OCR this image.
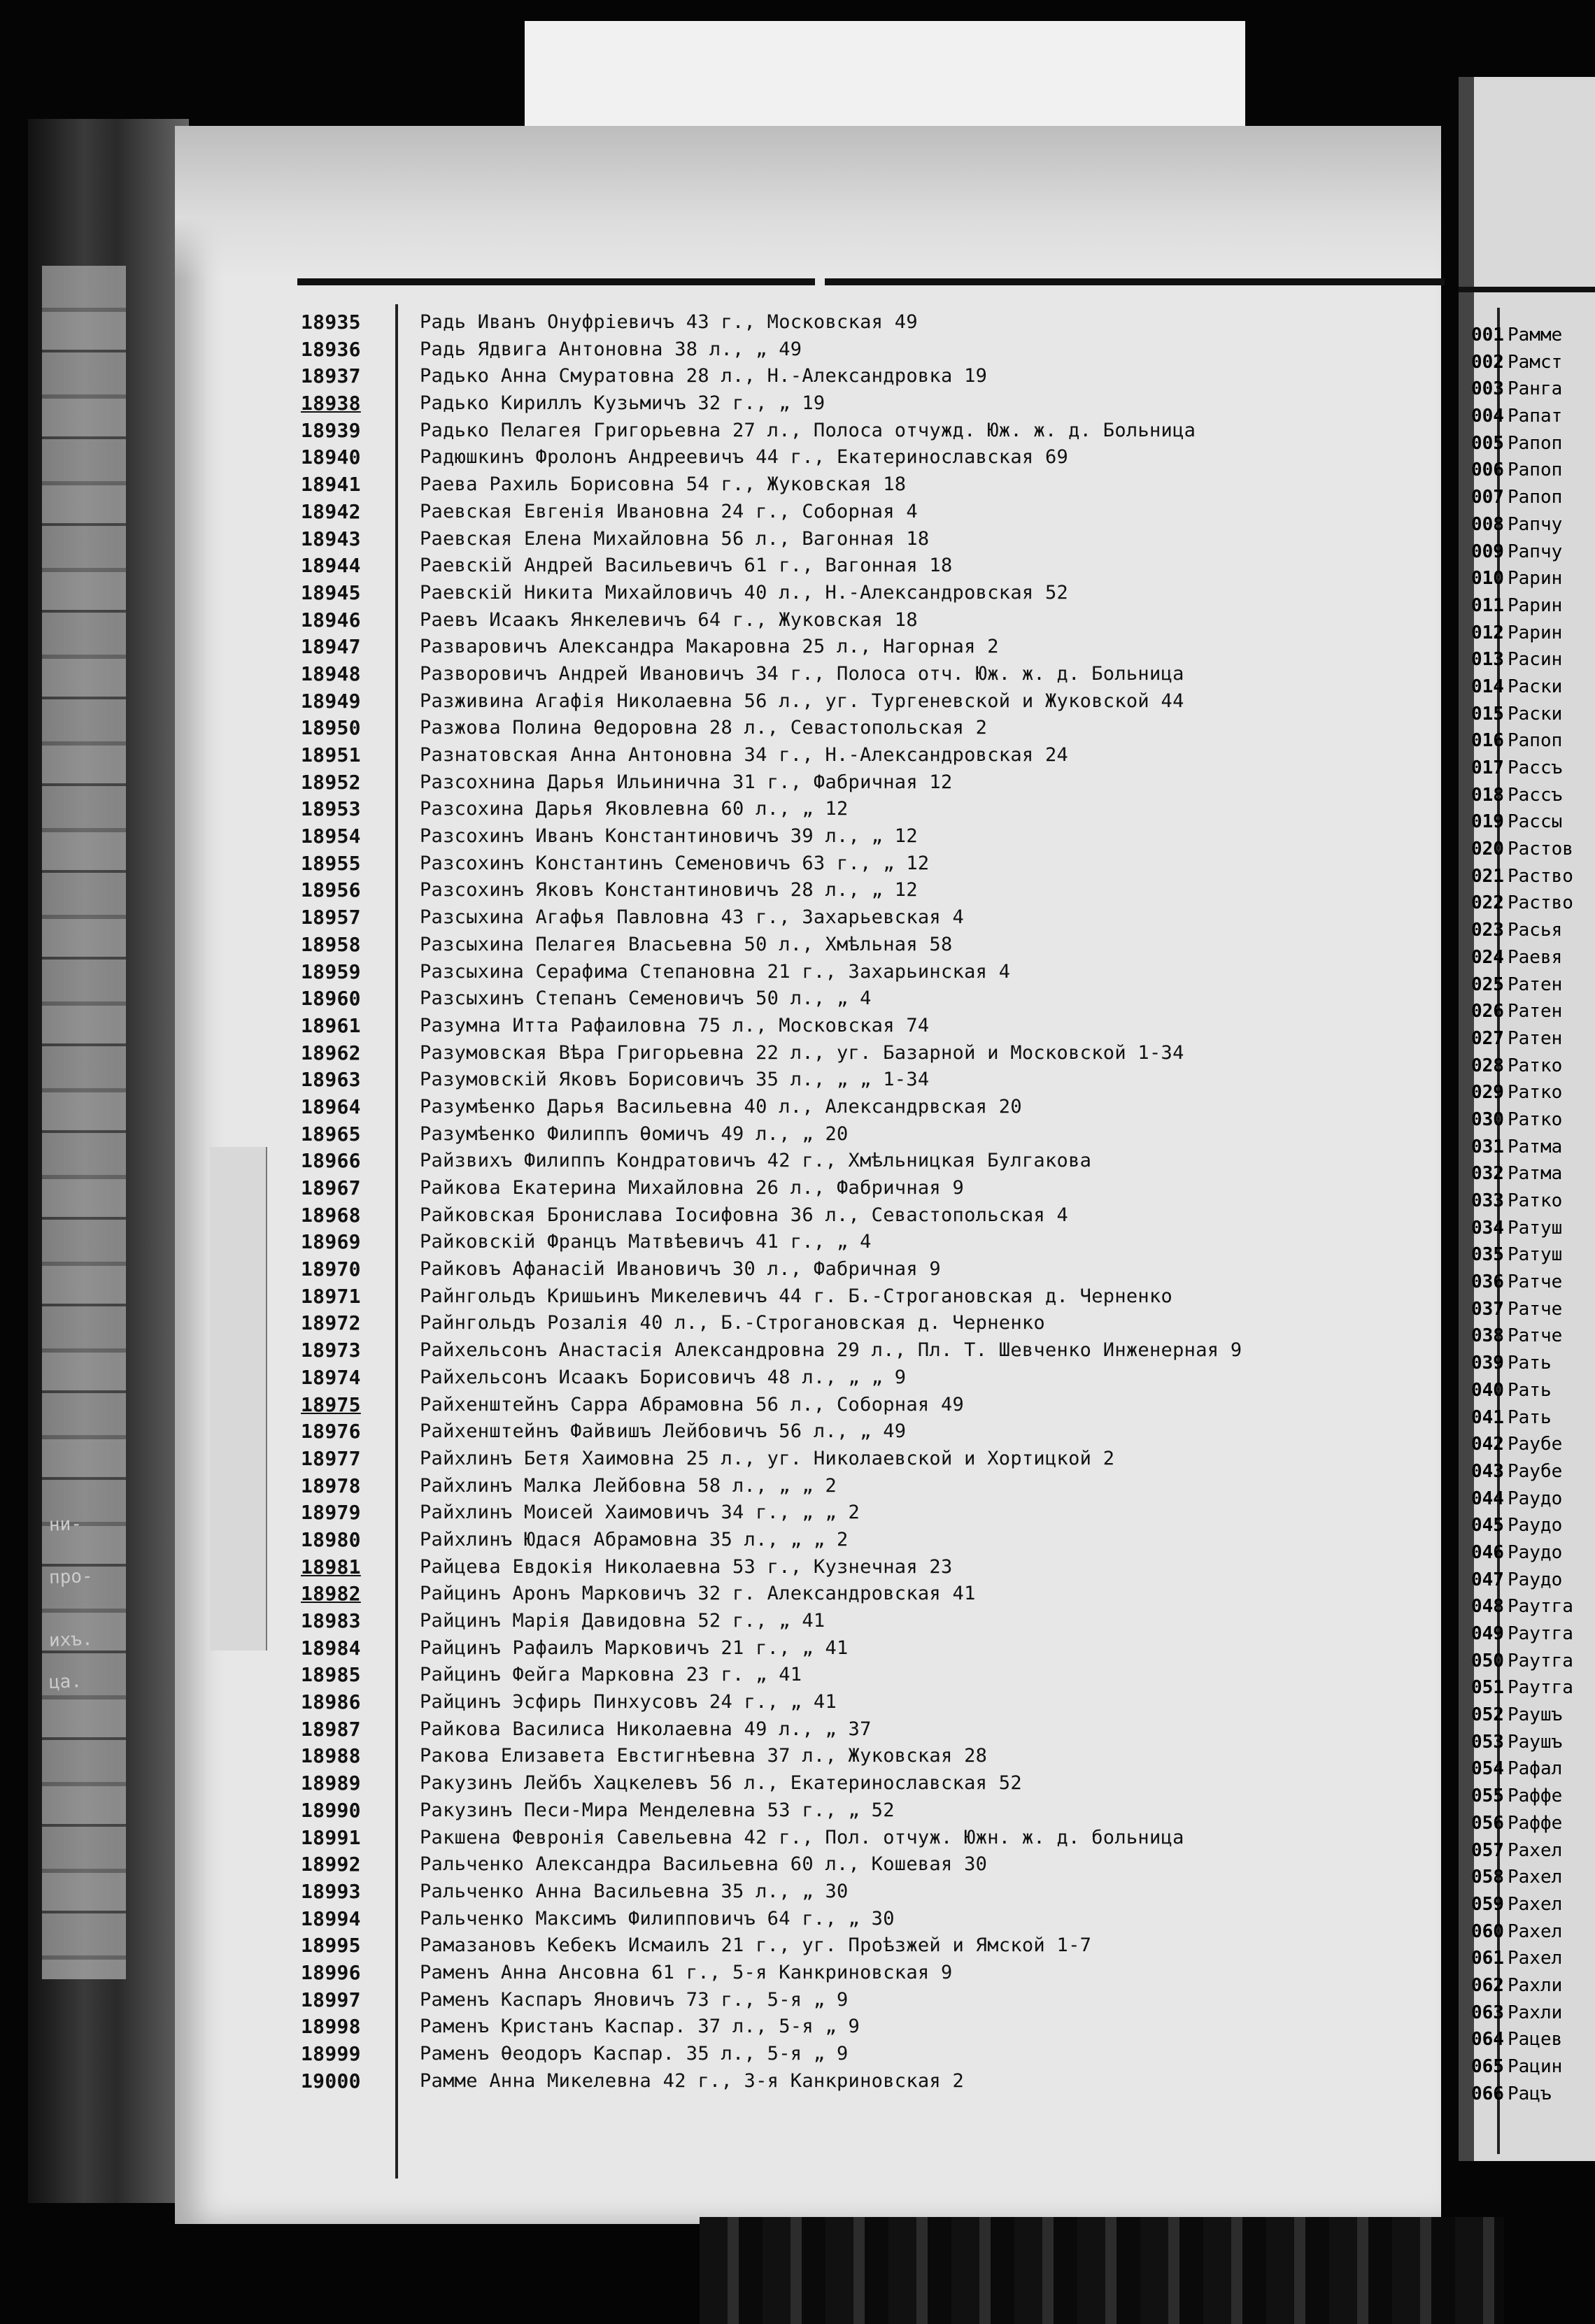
ни-
про-
ихъ.
ца.
18935	Радь Иванъ Онуфріевичъ 43 г., Московская 49
18936	Радь Ядвига Антоновна 38 л., „ 49
18937	Радько Анна Смуратовна 28 л., Н.-Александровка 19
18938	Радько Кириллъ Кузьмичъ 32 г., „ 19
18939	Радько Пелагея Григорьевна 27 л., Полоса отчужд. Юж. ж. д. Больница
18940	Радюшкинъ Фролонъ Андреевичъ 44 г., Екатеринославская 69
18941	Раева Рахиль Борисовна 54 г., Жуковская 18
18942	Раевская Евгенія Ивановна 24 г., Соборная 4
18943	Раевская Елена Михайловна 56 л., Вагонная 18
18944	Раевскій Андрей Васильевичъ 61 г., Вагонная 18
18945	Раевскій Никита Михайловичъ 40 л., Н.-Александровская 52
18946	Раевъ Исаакъ Янкелевичъ 64 г., Жуковская 18
18947	Разваровичъ Александра Макаровна 25 л., Нагорная 2
18948	Разворовичъ Андрей Ивановичъ 34 г., Полоса отч. Юж. ж. д. Больница
18949	Разживина Агафія Николаевна 56 л., уг. Тургеневской и Жуковской 44
18950	Разжова Полина Ѳедоровна 28 л., Севастопольская 2
18951	Разнатовская Анна Антоновна 34 г., Н.-Александровская 24
18952	Разсохнина Дарья Ильинична 31 г., Фабричная 12
18953	Разсохина Дарья Яковлевна 60 л., „ 12
18954	Разсохинъ Иванъ Константиновичъ 39 л., „ 12
18955	Разсохинъ Константинъ Семеновичъ 63 г., „ 12
18956	Разсохинъ Яковъ Константиновичъ 28 л., „ 12
18957	Разсыхина Агафья Павловна 43 г., Захарьевская 4
18958	Разсыхина Пелагея Власьевна 50 л., Хмѣльная 58
18959	Разсыхина Серафима Степановна 21 г., Захарьинская 4
18960	Разсыхинъ Степанъ Семеновичъ 50 л., „ 4
18961	Разумна Итта Рафаиловна 75 л., Московская 74
18962	Разумовская Вѣра Григорьевна 22 л., уг. Базарной и Московской 1-34
18963	Разумовскій Яковъ Борисовичъ 35 л., „ „ 1-34
18964	Разумѣенко Дарья Васильевна 40 л., Александрвская 20
18965	Разумѣенко Филиппъ Ѳомичъ 49 л., „ 20
18966	Райзвихъ Филиппъ Кондратовичъ 42 г., Хмѣльницкая Булгакова
18967	Райкова Екатерина Михайловна 26 л., Фабричная 9
18968	Райковская Бронислава Іосифовна 36 л., Севастопольская 4
18969	Райковскій Францъ Матвѣевичъ 41 г., „ 4
18970	Райковъ Афанасій Ивановичъ 30 л., Фабричная 9
18971	Райнгольдъ Кришьинъ Микелевичъ 44 г. Б.-Строгановская д. Черненко
18972	Райнгольдъ Розалія 40 л., Б.-Строгановская д. Черненко
18973	Райхельсонъ Анастасія Александровна 29 л., Пл. Т. Шевченко Инженерная 9
18974	Райхельсонъ Исаакъ Борисовичъ 48 л., „ „ 9
18975	Райхенштейнъ Сарра Абрамовна 56 л., Соборная 49
18976	Райхенштейнъ Файвишъ Лейбовичъ 56 л., „ 49
18977	Райхлинъ Бетя Хаимовна 25 л., уг. Николаевской и Хортицкой 2
18978	Райхлинъ Малка Лейбовна 58 л., „ „ 2
18979	Райхлинъ Моисей Хаимовичъ 34 г., „ „ 2
18980	Райхлинъ Юдася Абрамовна 35 л., „ „ 2
18981	Райцева Евдокія Николаевна 53 г., Кузнечная 23
18982	Райцинъ Аронъ Марковичъ 32 г. Александровская 41
18983	Райцинъ Марія Давидовна 52 г., „ 41
18984	Райцинъ Рафаилъ Марковичъ 21 г., „ 41
18985	Райцинъ Фейга Марковна 23 г. „ 41
18986	Райцинъ Эсфирь Пинхусовъ 24 г., „ 41
18987	Райкова Василиса Николаевна 49 л., „ 37
18988	Ракова Елизавета Евстигнѣевна 37 л., Жуковская 28
18989	Ракузинъ Лейбъ Хацкелевъ 56 л., Екатеринославская 52
18990	Ракузинъ Песи-Мира Менделевна 53 г., „ 52
18991	Ракшена Февронія Савельевна 42 г., Пол. отчуж. Южн. ж. д. больница
18992	Ральченко Александра Васильевна 60 л., Кошевая 30
18993	Ральченко Анна Васильевна 35 л., „ 30
18994	Ральченко Максимъ Филипповичъ 64 г., „ 30
18995	Рамазановъ Кебекъ Исмаилъ 21 г., уг. Проѣзжей и Ямской 1-7
18996	Раменъ Анна Ансовна 61 г., 5-я Канкриновская 9
18997	Раменъ Каспаръ Яновичъ 73 г., 5-я „ 9
18998	Раменъ Кристанъ Каспар. 37 л., 5-я „ 9
18999	Раменъ Ѳеодоръ Каспар. 35 л., 5-я „ 9
19000	Рамме Анна Микелевна 42 г., 3-я Канкриновская 2
001 Рамме
002 Рамст
003 Ранга
004 Рапат
005 Рапоп
006 Рапоп
007 Рапоп
008 Рапчу
009 Рапчу
010 Рарин
011 Рарин
012 Рарин
013 Расин
014 Раски
015 Раски
016 Рапоп
017 Рассъ
018 Рассъ
019 Рассы
020 Растов
021 Раство
022 Раство
023 Расья
024 Раевя
025 Ратен
026 Ратен
027 Ратен
028 Ратко
029 Ратко
030 Ратко
031 Ратма
032 Ратма
033 Ратко
034 Ратуш
035 Ратуш
036 Ратче
037 Ратче
038 Ратче
039 Рать
040 Рать
041 Рать
042 Раубе
043 Раубе
044 Раудо
045 Раудо
046 Раудо
047 Раудо
048 Раутга
049 Раутга
050 Раутга
051 Раутга
052 Раушъ
053 Раушъ
054 Рафал
055 Раффе
056 Раффе
057 Рахел
058 Рахел
059 Рахел
060 Рахел
061 Рахел
062 Рахли
063 Рахли
064 Рацев
065 Рацин
066 Рацъ
